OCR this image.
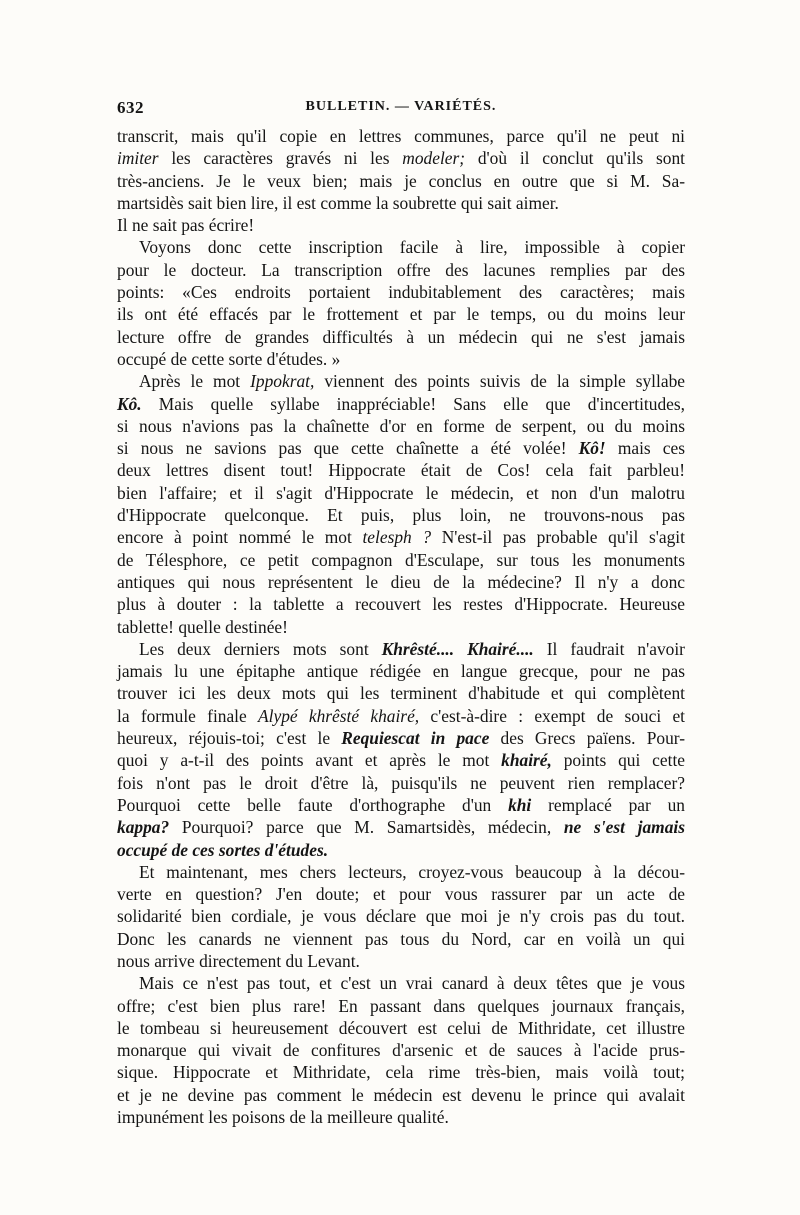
632	BULLETIN. — VARIÉTÉS.
transcrit, mais qu'il copie en lettres communes, parce qu'il ne peut ni
imiter les caractères gravés ni les modeler; d'où il conclut qu'ils sont
très-anciens. Je le veux bien; mais je conclus en outre que si M. Sa-
martsidès sait bien lire, il est comme la soubrette qui sait aimer.
Il ne sait pas écrire!
Voyons donc cette inscription facile à lire, impossible à copier
pour le docteur. La transcription offre des lacunes remplies par des
points: «Ces endroits portaient indubitablement des caractères; mais
ils ont été effacés par le frottement et par le temps, ou du moins leur
lecture offre de grandes difficultés à un médecin qui ne s'est jamais
occupé de cette sorte d'études. »
Après le mot Ippokrat, viennent des points suivis de la simple syllabe
Kô. Mais quelle syllabe inappréciable! Sans elle que d'incertitudes,
si nous n'avions pas la chaînette d'or en forme de serpent, ou du moins
si nous ne savions pas que cette chaînette a été volée! Kô! mais ces
deux lettres disent tout! Hippocrate était de Cos! cela fait parbleu!
bien l'affaire; et il s'agit d'Hippocrate le médecin, et non d'un malotru
d'Hippocrate quelconque. Et puis, plus loin, ne trouvons-nous pas
encore à point nommé le mot telesph ? N'est-il pas probable qu'il s'agit
de Télesphore, ce petit compagnon d'Esculape, sur tous les monuments
antiques qui nous représentent le dieu de la médecine? Il n'y a donc
plus à douter : la tablette a recouvert les restes d'Hippocrate. Heureuse
tablette! quelle destinée!
Les deux derniers mots sont Khrêsté.... Khairé.... Il faudrait n'avoir
jamais lu une épitaphe antique rédigée en langue grecque, pour ne pas
trouver ici les deux mots qui les terminent d'habitude et qui complètent
la formule finale Alypé khrêsté khairé, c'est-à-dire : exempt de souci et
heureux, réjouis-toi; c'est le Requiescat in pace des Grecs païens. Pour-
quoi y a-t-il des points avant et après le mot khairé, points qui cette
fois n'ont pas le droit d'être là, puisqu'ils ne peuvent rien remplacer?
Pourquoi cette belle faute d'orthographe d'un khi remplacé par un
kappa? Pourquoi? parce que M. Samartsidès, médecin, ne s'est jamais
occupé de ces sortes d'études.
Et maintenant, mes chers lecteurs, croyez-vous beaucoup à la décou-
verte en question? J'en doute; et pour vous rassurer par un acte de
solidarité bien cordiale, je vous déclare que moi je n'y crois pas du tout.
Donc les canards ne viennent pas tous du Nord, car en voilà un qui
nous arrive directement du Levant.
Mais ce n'est pas tout, et c'est un vrai canard à deux têtes que je vous
offre; c'est bien plus rare! En passant dans quelques journaux français,
le tombeau si heureusement découvert est celui de Mithridate, cet illustre
monarque qui vivait de confitures d'arsenic et de sauces à l'acide prus-
sique. Hippocrate et Mithridate, cela rime très-bien, mais voilà tout;
et je ne devine pas comment le médecin est devenu le prince qui avalait
impunément les poisons de la meilleure qualité.
